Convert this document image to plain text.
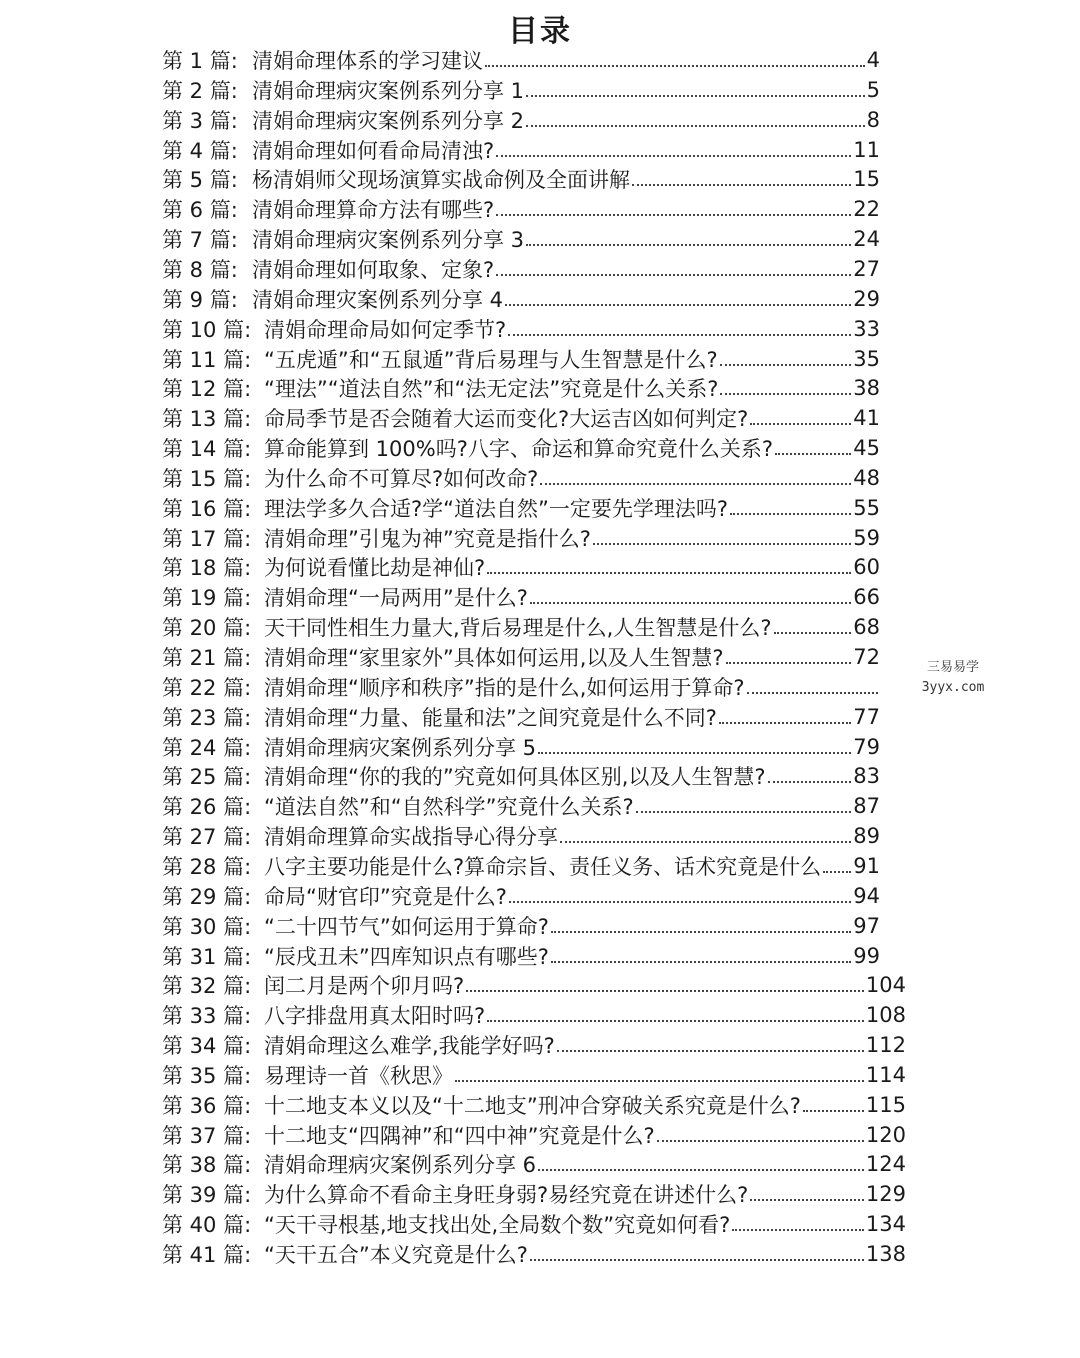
目录
第 1 篇: 清娟命理体系的学习建议	4
第 2 篇: 清娟命理病灾案例系列分享 1	5
第 3 篇: 清娟命理病灾案例系列分享 2	8
第 4 篇: 清娟命理如何看命局清浊?	11
第 5 篇: 杨清娟师父现场演算实战命例及全面讲解	15
第 6 篇: 清娟命理算命方法有哪些?	22
第 7 篇: 清娟命理病灾案例系列分享 3	24
第 8 篇: 清娟命理如何取象、定象?	27
第 9 篇: 清娟命理灾案例系列分享 4	29
第 10 篇: 清娟命理命局如何定季节?	33
第 11 篇: “五虎遁”和“五鼠遁”背后易理与人生智慧是什么?	35
第 12 篇: “理法”“道法自然”和“法无定法”究竟是什么关系?	38
第 13 篇: 命局季节是否会随着大运而变化?大运吉凶如何判定?	41
第 14 篇: 算命能算到 100%吗?八字、命运和算命究竟什么关系?	45
第 15 篇: 为什么命不可算尽?如何改命?	48
第 16 篇: 理法学多久合适?学“道法自然”一定要先学理法吗?	55
第 17 篇: 清娟命理”引鬼为神”究竟是指什么?	59
第 18 篇: 为何说看懂比劫是神仙?	60
第 19 篇: 清娟命理“一局两用”是什么?	66
第 20 篇: 天干同性相生力量大,背后易理是什么,人生智慧是什么?	68
第 21 篇: 清娟命理“家里家外”具体如何运用,以及人生智慧?	72
第 22 篇: 清娟命理“顺序和秩序”指的是什么,如何运用于算命?
第 23 篇: 清娟命理“力量、能量和法”之间究竟是什么不同?	77
第 24 篇: 清娟命理病灾案例系列分享 5	79
第 25 篇: 清娟命理“你的我的”究竟如何具体区别,以及人生智慧?	83
第 26 篇: “道法自然”和“自然科学”究竟什么关系?	87
第 27 篇: 清娟命理算命实战指导心得分享	89
第 28 篇: 八字主要功能是什么?算命宗旨、责任义务、话术究竟是什么 91
第 29 篇: 命局“财官印”究竟是什么?	94
第 30 篇: “二十四节气”如何运用于算命?	97
第 31 篇: “辰戌丑未”四库知识点有哪些?	99
第 32 篇: 闰二月是两个卯月吗?	104
第 33 篇: 八字排盘用真太阳时吗?	108
第 34 篇: 清娟命理这么难学,我能学好吗?	112
第 35 篇: 易理诗一首《秋思》	114
第 36 篇: 十二地支本义以及“十二地支”刑冲合穿破关系究竟是什么?	115
第 37 篇: 十二地支“四隅神”和“四中神”究竟是什么?	120
第 38 篇: 清娟命理病灾案例系列分享 6	124
第 39 篇: 为什么算命不看命主身旺身弱?易经究竟在讲述什么?	129
第 40 篇: “天干寻根基,地支找出处,全局数个数”究竟如何看?	134
第 41 篇: “天干五合”本义究竟是什么?	138
三易易学
3yyx.com
